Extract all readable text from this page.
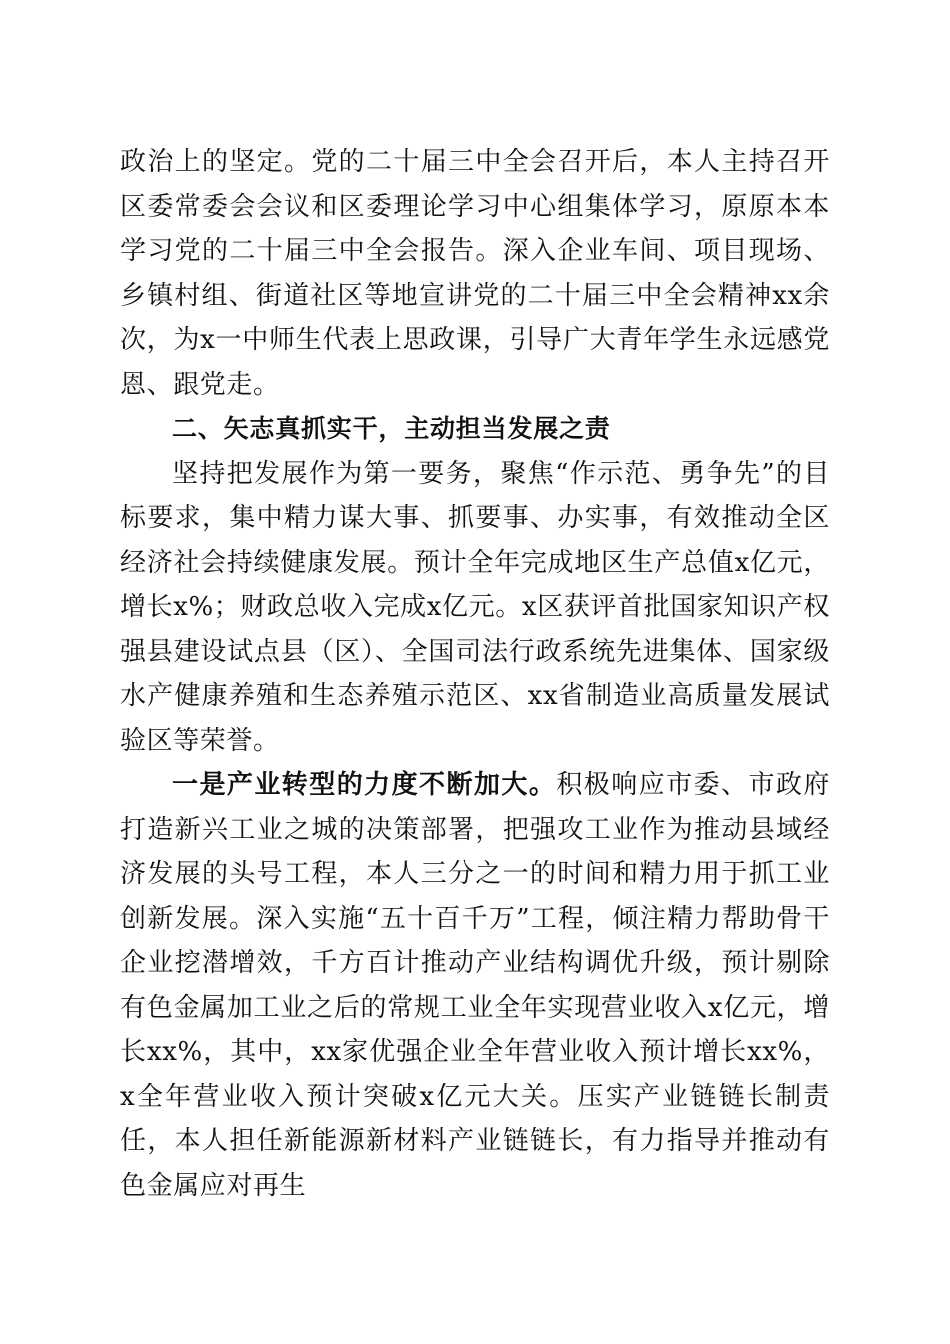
政治上的坚定。党的二十届三中全会召开后，本人主持召开区委常委会会议和区委理论学习中心组集体学习，原原本本学习党的二十届三中全会报告。深入企业车间、项目现场、乡镇村组、街道社区等地宣讲党的二十届三中全会精神xx余次，为x一中师生代表上思政课，引导广大青年学生永远感党恩、跟党走。

二、矢志真抓实干，主动担当发展之责

坚持把发展作为第一要务，聚焦“作示范、勇争先”的目标要求，集中精力谋大事、抓要事、办实事，有效推动全区经济社会持续健康发展。预计全年完成地区生产总值x亿元，增长x%；财政总收入完成x亿元。x区获评首批国家知识产权强县建设试点县（区）、全国司法行政系统先进集体、国家级水产健康养殖和生态养殖示范区、xx省制造业高质量发展试验区等荣誉。

一是产业转型的力度不断加大。积极响应市委、市政府打造新兴工业之城的决策部署，把强攻工业作为推动县域经济发展的头号工程，本人三分之一的时间和精力用于抓工业创新发展。深入实施“五十百千万”工程，倾注精力帮助骨干企业挖潜增效，千方百计推动产业结构调优升级，预计剔除有色金属加工业之后的常规工业全年实现营业收入x亿元，增长xx%，其中，xx家优强企业全年营业收入预计增长xx%，x全年营业收入预计突破x亿元大关。压实产业链链长制责任，本人担任新能源新材料产业链链长，有力指导并推动有色金属应对再生
